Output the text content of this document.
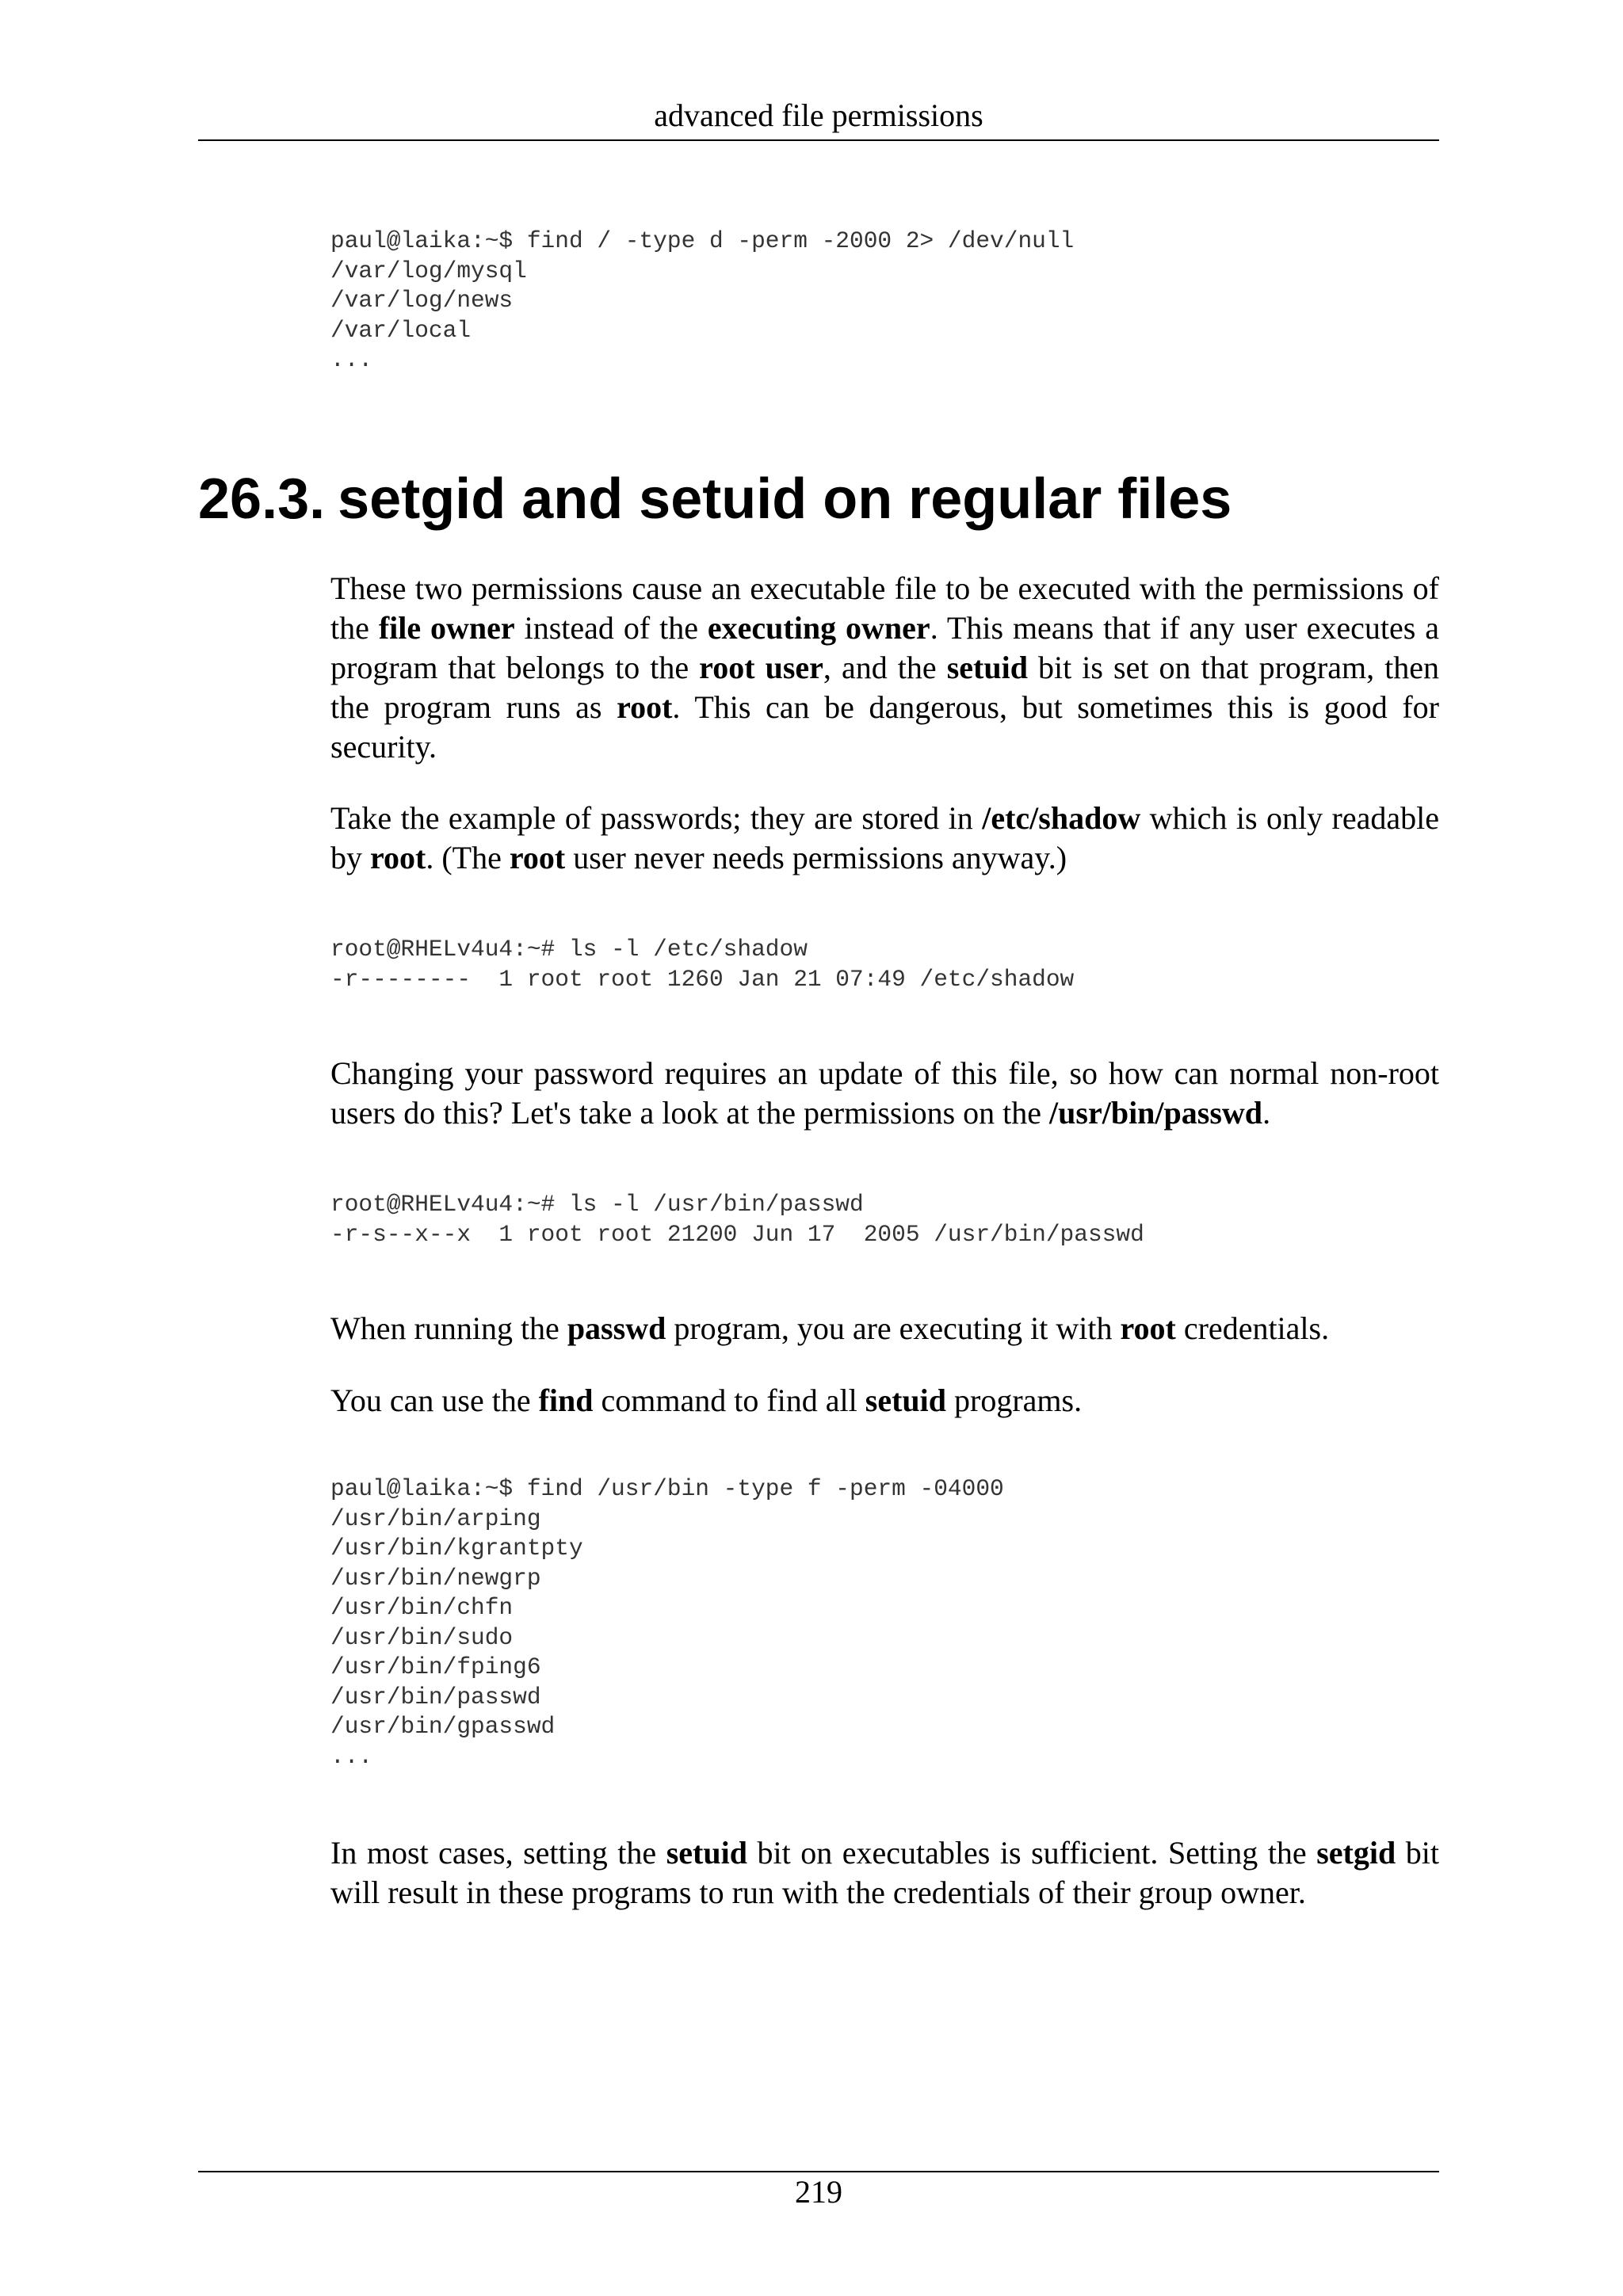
advanced file permissions
paul@laika:~$ find / -type d -perm -2000 2> /dev/null
/var/log/mysql
/var/log/news
/var/local
...
26.3. setgid and setuid on regular files

These two permissions cause an executable file to be executed with the permissions of the file owner instead of the executing owner. This means that if any user executes a program that belongs to the root user, and the setuid bit is set on that program, then the program runs as root. This can be dangerous, but sometimes this is good for security.

Take the example of passwords; they are stored in /etc/shadow which is only readable by root. (The root user never needs permissions anyway.)

root@RHELv4u4:~# ls -l /etc/shadow
-r--------  1 root root 1260 Jan 21 07:49 /etc/shadow

Changing your password requires an update of this file, so how can normal non-root users do this? Let's take a look at the permissions on the /usr/bin/passwd.

root@RHELv4u4:~# ls -l /usr/bin/passwd
-r-s--x--x  1 root root 21200 Jun 17  2005 /usr/bin/passwd

When running the passwd program, you are executing it with root credentials.

You can use the find command to find all setuid programs.

paul@laika:~$ find /usr/bin -type f -perm -04000
/usr/bin/arping
/usr/bin/kgrantpty
/usr/bin/newgrp
/usr/bin/chfn
/usr/bin/sudo
/usr/bin/fping6
/usr/bin/passwd
/usr/bin/gpasswd
...

In most cases, setting the setuid bit on executables is sufficient. Setting the setgid bit will result in these programs to run with the credentials of their group owner.

219
